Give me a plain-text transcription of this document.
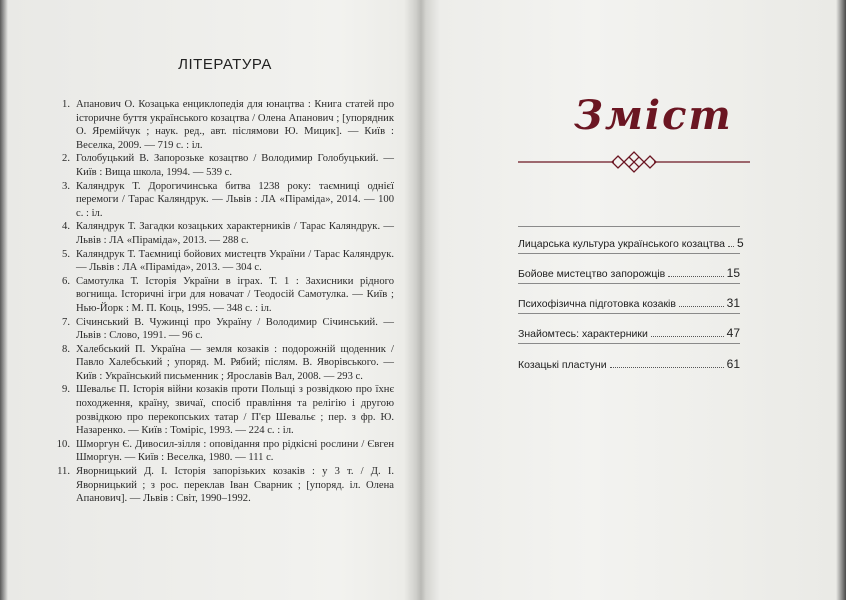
ЛІТЕРАТУРА
1. Апанович О. Козацька енциклопедія для юнацтва : Книга статей про історичне буття українського козацтва / Олена Апанович ; [упорядник О. Яремійчук ; наук. ред., авт. післямови Ю. Мицик]. — Київ : Веселка, 2009. — 719 с. : іл.
2. Голобуцький В. Запорозьке козацтво / Володимир Голобуцький. — Київ : Вища школа, 1994. — 539 с.
3. Каляндрук Т. Дорогичинська битва 1238 року: таємниці однієї перемоги / Тарас Каляндрук. — Львів : ЛА «Піраміда», 2014. — 100 с. : іл.
4. Каляндрук Т. Загадки козацьких характерників / Тарас Каляндрук. — Львів : ЛА «Піраміда», 2013. — 288 с.
5. Каляндрук Т. Таємниці бойових мистецтв України / Тарас Каляндрук. — Львів : ЛА «Піраміда», 2013. — 304 с.
6. Самотулка Т. Історія України в іграх. Т. 1 : Захисники рідного вогнища. Історичні ігри для новачат / Теодосій Самотулка. — Київ ; Нью-Йорк : М. П. Коць, 1995. — 348 с. : іл.
7. Січинський В. Чужинці про Україну / Володимир Січинський. — Львів : Слово, 1991. — 96 с.
8. Халебський П. Україна — земля козаків : подорожній щоденник / Павло Халебський ; упоряд. М. Рябий; післям. В. Яворівського. — Київ : Український письменник ; Ярославів Вал, 2008. — 293 с.
9. Шевальє П. Історія війни козаків проти Польщі з розвідкою про їхнє походження, країну, звичаї, спосіб правління та релігію і другою розвідкою про перекопських татар / П'єр Шевальє ; пер. з фр. Ю. Назаренко. — Київ : Томіріс, 1993. — 224 с. : іл.
10. Шморгун Є. Дивосил-зілля : оповідання про рідкісні рослини / Євген Шморгун. — Київ : Веселка, 1980. — 111 с.
11. Яворницький Д. І. Історія запорізьких козаків : у 3 т. / Д. І. Яворницький ; з рос. переклав Іван Сварник ; [упоряд. іл. Олена Апанович]. — Львів : Світ, 1990–1992.
Зміст
Лицарська культура українського козацтва 5
Бойове мистецтво запорожців	15
Психофізична підготовка козаків	31
Знайомтесь: характерники	47
Козацькі пластуни	61
